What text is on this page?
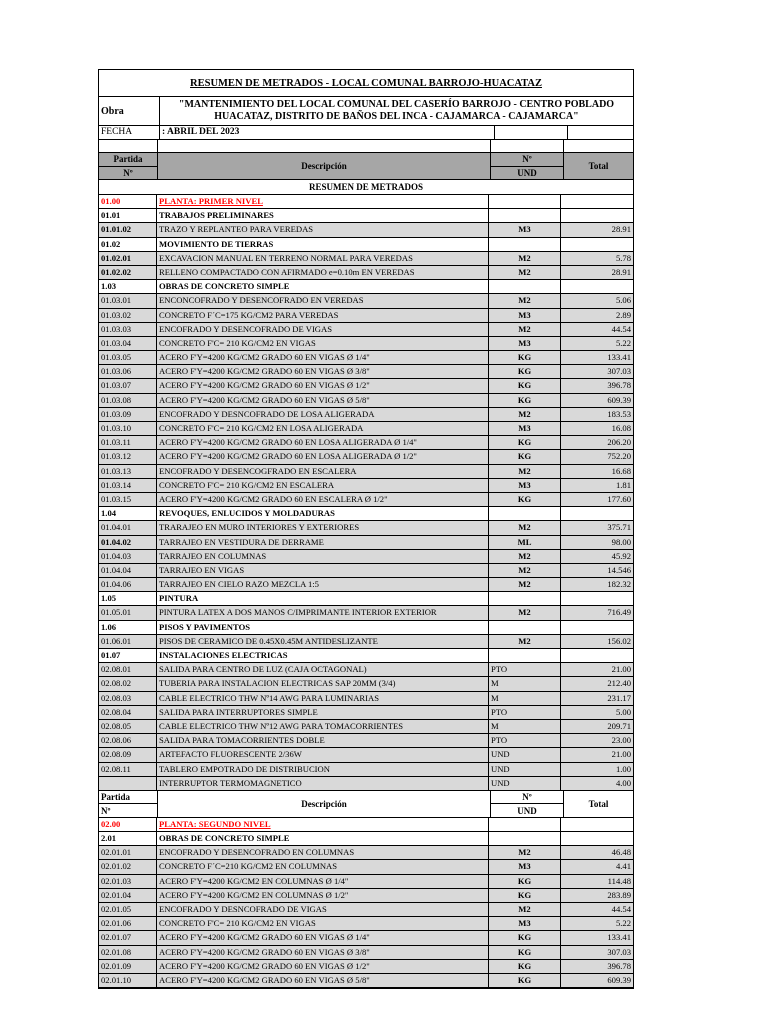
RESUMEN DE METRADOS - LOCAL COMUNAL BARROJO-HUACATAZ
Obra
"MANTENIMIENTO DEL LOCAL COMUNAL DEL CASERÍO BARROJO - CENTRO POBLADO HUACATAZ, DISTRITO DE BAÑOS DEL INCA - CAJAMARCA - CAJAMARCA"
FECHA	: ABRIL DEL 2023
Partida
Nº
Descripción
Nº
UND
Total
RESUMEN DE METRADOS
01.00	PLANTA: PRIMER NIVEL
01.01	TRABAJOS PRELIMINARES
01.01.02	TRAZO Y REPLANTEO PARA VEREDAS	M3	28.91
01.02	MOVIMIENTO DE TIERRAS
01.02.01	EXCAVACION MANUAL EN TERRENO NORMAL PARA VEREDAS	M2	5.78
01.02.02	RELLENO COMPACTADO CON AFIRMADO e=0.10m EN VEREDAS	M2	28.91
1.03	OBRAS DE CONCRETO SIMPLE
01.03.01	ENCONCOFRADO Y DESENCOFRADO EN VEREDAS	M2	5.06
01.03.02	CONCRETO F´C=175 KG/CM2 PARA VEREDAS	M3	2.89
01.03.03	ENCOFRADO Y DESENCOFRADO DE VIGAS	M2	44.54
01.03.04	CONCRETO F'C= 210 KG/CM2 EN VIGAS	M3	5.22
01.03.05	ACERO F'Y=4200 KG/CM2 GRADO 60 EN VIGAS Ø 1/4"	KG	133.41
01.03.06	ACERO F'Y=4200 KG/CM2 GRADO 60 EN VIGAS Ø 3/8"	KG	307.03
01.03.07	ACERO F'Y=4200 KG/CM2 GRADO 60 EN VIGAS Ø 1/2"	KG	396.78
01.03.08	ACERO F'Y=4200 KG/CM2 GRADO 60 EN VIGAS Ø 5/8"	KG	609.39
01.03.09	ENCOFRADO Y DESNCOFRADO DE LOSA ALIGERADA	M2	183.53
01.03.10	CONCRETO F'C= 210 KG/CM2 EN LOSA ALIGERADA	M3	16.08
01.03.11	ACERO F'Y=4200 KG/CM2 GRADO 60 EN LOSA ALIGERADA Ø 1/4"	KG	206.20
01.03.12	ACERO F'Y=4200 KG/CM2 GRADO 60 EN LOSA ALIGERADA Ø 1/2"	KG	752.20
01.03.13	ENCOFRADO Y DESENCOGFRADO EN ESCALERA	M2	16.68
01.03.14	CONCRETO F'C= 210 KG/CM2 EN ESCALERA	M3	1.81
01.03.15	ACERO F'Y=4200 KG/CM2 GRADO 60 EN ESCALERA Ø 1/2"	KG	177.60
1.04	REVOQUES, ENLUCIDOS Y MOLDADURAS
01.04.01	TRARAJEO EN MURO INTERIORES Y EXTERIORES	M2	375.71
01.04.02	TARRAJEO EN VESTIDURA DE DERRAME	ML	98.00
01.04.03	TARRAJEO EN COLUMNAS	M2	45.92
01.04.04	TARRAJEO EN VIGAS	M2	14.546
01.04.06	TARRAJEO EN CIELO RAZO MEZCLA 1:5	M2	182.32
1.05	PINTURA
01.05.01	PINTURA LATEX A DOS MANOS C/IMPRIMANTE INTERIOR EXTERIOR	M2	716.49
1.06	PISOS Y PAVIMENTOS
01.06.01	PISOS DE CERAMICO DE 0.45X0.45M ANTIDESLIZANTE	M2	156.02
01.07	INSTALACIONES ELECTRICAS
02.08.01	SALIDA PARA CENTRO DE LUZ (CAJA OCTAGONAL)	PTO	21.00
02.08.02	TUBERIA PARA INSTALACION ELECTRICAS SAP 20MM (3/4)	M	212.40
02.08.03	CABLE ELECTRICO THW Nº14 AWG PARA LUMINARIAS	M	231.17
02.08.04	SALIDA PARA INTERRUPTORES SIMPLE	PTO	5.00
02.08.05	CABLE ELECTRICO THW Nº12 AWG PARA TOMACORRIENTES	M	209.71
02.08.06	SALIDA PARA TOMACORRIENTES DOBLE	PTO	23.00
02.08.09	ARTEFACTO FLUORESCENTE 2/36W	UND	21.00
02.08.11	TABLERO EMPOTRADO DE DISTRIBUCION	UND	1.00
INTERRUPTOR TERMOMAGNETICO	UND	4.00
Partida
Nº
Descripción
Nº
UND
Total
02.00	PLANTA: SEGUNDO NIVEL
2.01	OBRAS DE CONCRETO SIMPLE
02.01.01	ENCOFRADO Y DESENCOFRADO EN COLUMNAS	M2	46.48
02.01.02	CONCRETO F´C=210 KG/CM2 EN COLUMNAS	M3	4.41
02.01.03	ACERO F'Y=4200 KG/CM2 EN COLUMNAS Ø 1/4"	KG	114.48
02.01.04	ACERO F'Y=4200 KG/CM2 EN COLUMNAS Ø 1/2"	KG	283.89
02.01.05	ENCOFRADO Y DESNCOFRADO DE VIGAS	M2	44.54
02.01.06	CONCRETO F'C= 210 KG/CM2 EN VIGAS	M3	5.22
02.01.07	ACERO F'Y=4200 KG/CM2 GRADO 60 EN VIGAS Ø 1/4"	KG	133.41
02.01.08	ACERO F'Y=4200 KG/CM2 GRADO 60 EN VIGAS Ø 3/8"	KG	307.03
02.01.09	ACERO F'Y=4200 KG/CM2 GRADO 60 EN VIGAS Ø 1/2"	KG	396.78
02.01.10	ACERO F'Y=4200 KG/CM2 GRADO 60 EN VIGAS Ø 5/8"	KG	609.39
